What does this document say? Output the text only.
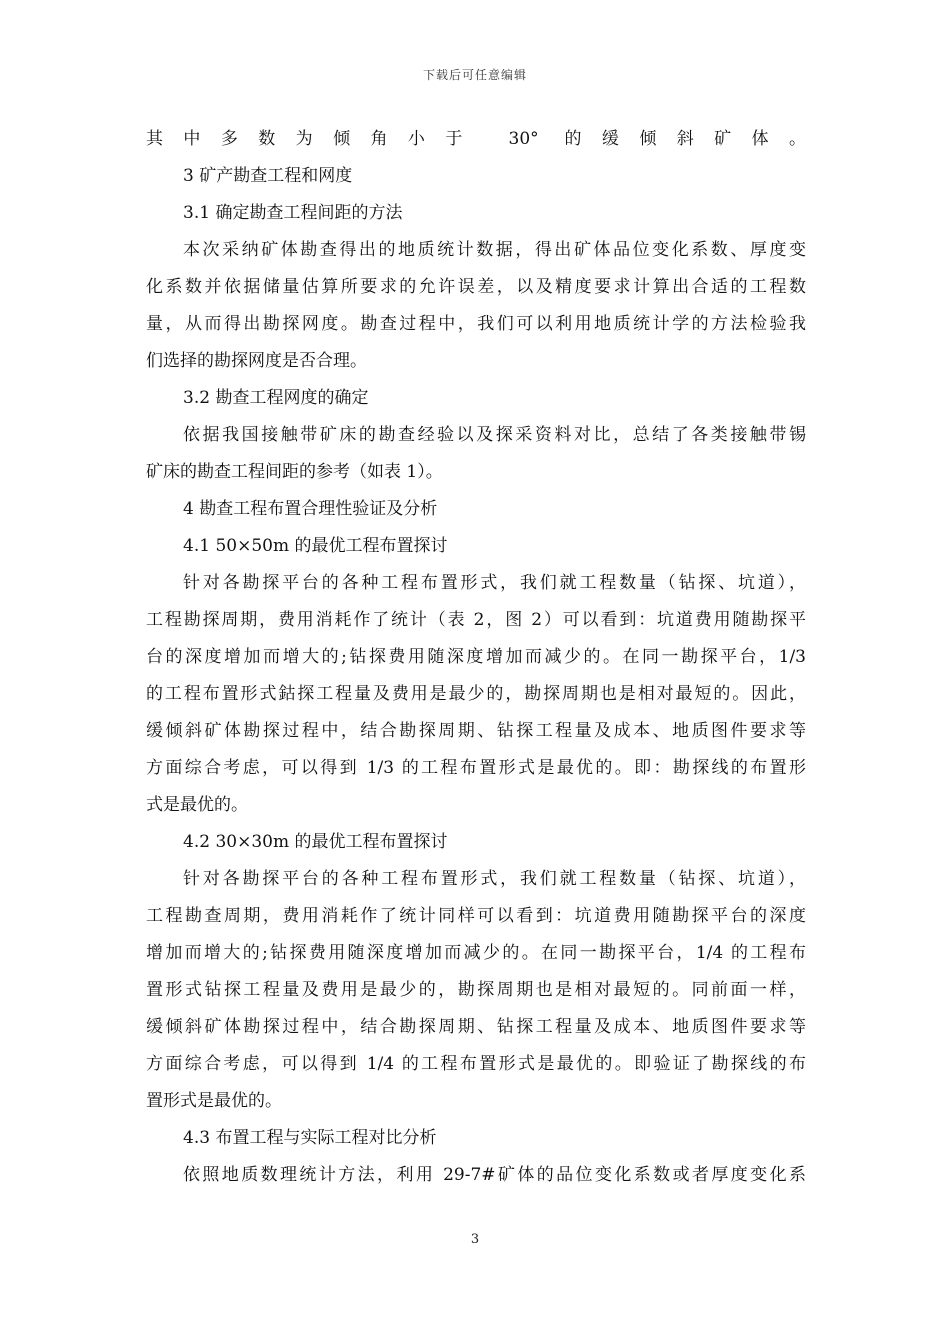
下载后可任意编辑
其中多数为倾角小于 30° 的缓倾斜矿体。
3 矿产勘查工程和网度
3.1 确定勘查工程间距的方法
本次采纳矿体勘查得出的地质统计数据，得出矿体品位变化系数、厚度变
化系数并依据储量估算所要求的允许误差，以及精度要求计算出合适的工程数
量，从而得出勘探网度。勘查过程中，我们可以利用地质统计学的方法检验我
们选择的勘探网度是否合理。
3.2 勘查工程网度的确定
依据我国接触带矿床的勘查经验以及探采资料对比，总结了各类接触带锡
矿床的勘查工程间距的参考（如表 1）。
4 勘查工程布置合理性验证及分析
4.1 50×50m 的最优工程布置探讨
针对各勘探平台的各种工程布置形式，我们就工程数量（钻探、坑道），
工程勘探周期，费用消耗作了统计（表 2，图 2）可以看到：坑道费用随勘探平
台的深度增加而增大的;钻探费用随深度增加而减少的。在同一勘探平台，1/3
的工程布置形式鈷探工程量及费用是最少的，勘探周期也是相对最短的。因此，
缓倾斜矿体勘探过程中，结合勘探周期、钻探工程量及成本、地质图件要求等
方面综合考虑，可以得到 1/3 的工程布置形式是最优的。即：勘探线的布置形
式是最优的。
4.2 30×30m 的最优工程布置探讨
针对各勘探平台的各种工程布置形式，我们就工程数量（钻探、坑道），
工程勘查周期，费用消耗作了统计同样可以看到：坑道费用随勘探平台的深度
增加而增大的;钻探费用随深度增加而减少的。在同一勘探平台，1/4 的工程布
置形式钻探工程量及费用是最少的，勘探周期也是相对最短的。同前面一样，
缓倾斜矿体勘探过程中，结合勘探周期、钻探工程量及成本、地质图件要求等
方面综合考虑，可以得到 1/4 的工程布置形式是最优的。即验证了勘探线的布
置形式是最优的。
4.3 布置工程与实际工程对比分析
依照地质数理统计方法，利用 29-7#矿体的品位变化系数或者厚度变化系
3
